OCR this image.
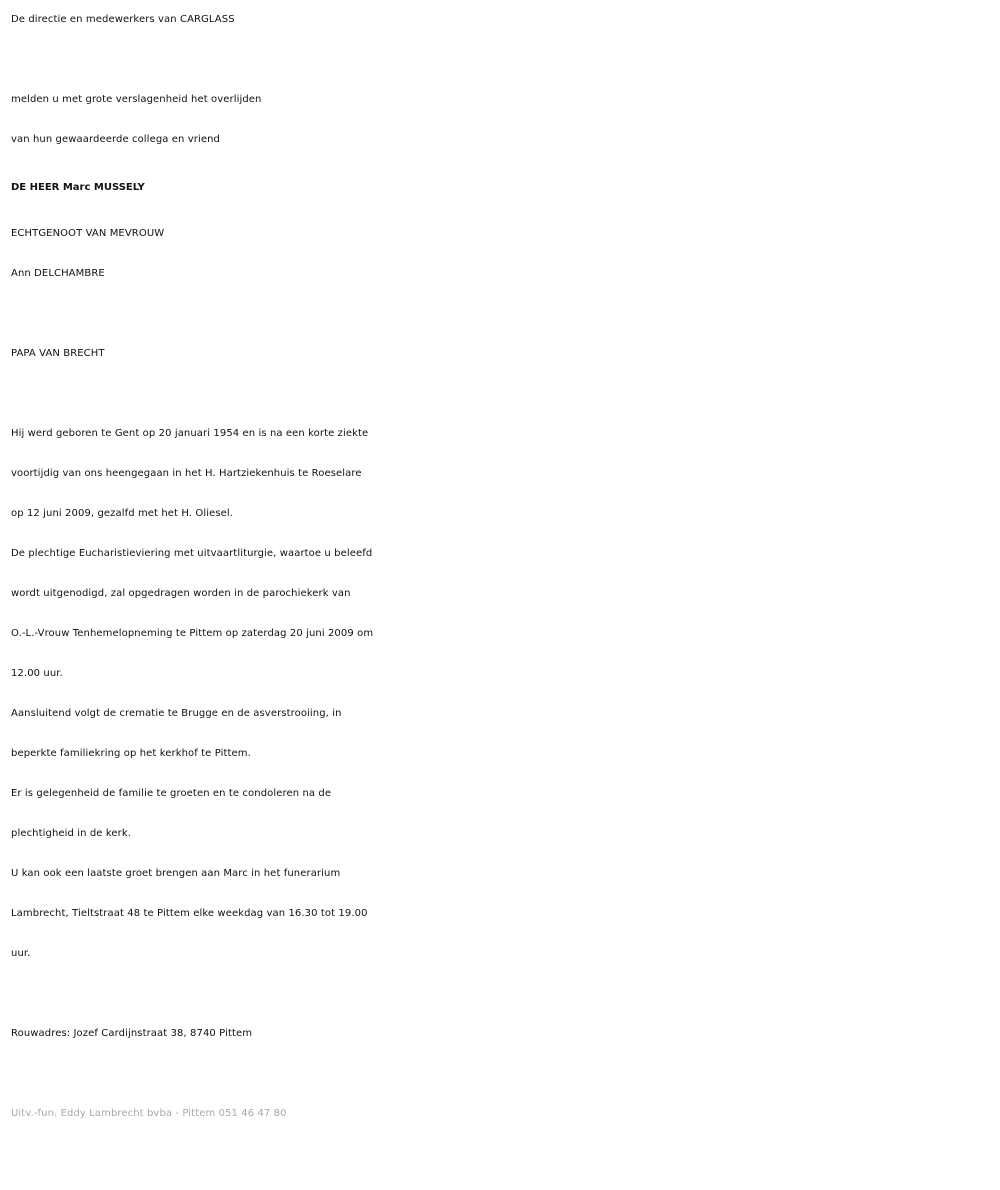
De directie en medewerkers van CARGLASS
melden u met grote verslagenheid het overlijden
van hun gewaardeerde collega en vriend
DE HEER Marc MUSSELY
ECHTGENOOT VAN MEVROUW
Ann DELCHAMBRE
PAPA VAN BRECHT
Hij werd geboren te Gent op 20 januari 1954 en is na een korte ziekte
voortijdig van ons heengegaan in het H. Hartziekenhuis te Roeselare
op 12 juni 2009, gezalfd met het H. Oliesel.
De plechtige Eucharistieviering met uitvaartliturgie, waartoe u beleefd
wordt uitgenodigd, zal opgedragen worden in de parochiekerk van
O.-L.-Vrouw Tenhemelopneming te Pittem op zaterdag 20 juni 2009 om
12.00 uur.
Aansluitend volgt de crematie te Brugge en de asverstrooiing, in
beperkte familiekring op het kerkhof te Pittem.
Er is gelegenheid de familie te groeten en te condoleren na de
plechtigheid in de kerk.
U kan ook een laatste groet brengen aan Marc in het funerarium
Lambrecht, Tieltstraat 48 te Pittem elke weekdag van 16.30 tot 19.00
uur.
Rouwadres: Jozef Cardijnstraat 38, 8740 Pittem
Uitv.-fun. Eddy Lambrecht bvba - Pittem 051 46 47 80
